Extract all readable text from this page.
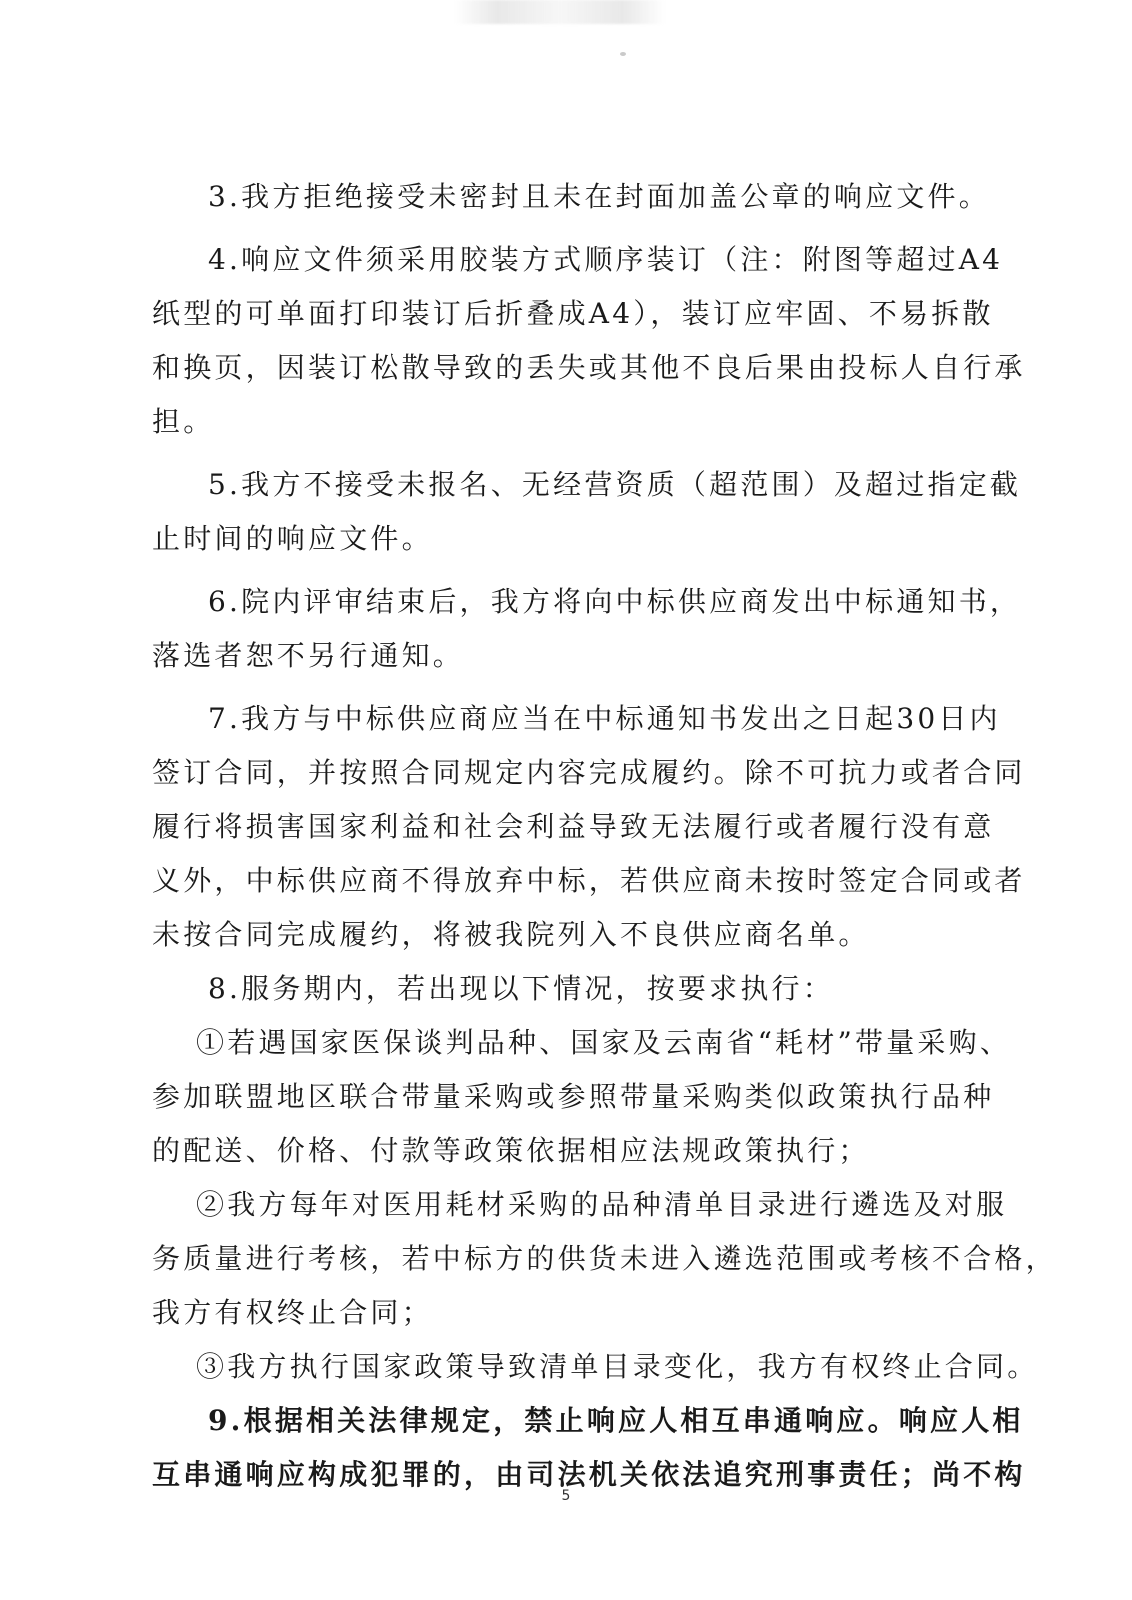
3.我方拒绝接受未密封且未在封面加盖公章的响应文件。
4.响应文件须采用胶装方式顺序装订（注：附图等超过A4
纸型的可单面打印装订后折叠成A4），装订应牢固、不易拆散
和换页，因装订松散导致的丢失或其他不良后果由投标人自行承
担。
5.我方不接受未报名、无经营资质（超范围）及超过指定截
止时间的响应文件。
6.院内评审结束后，我方将向中标供应商发出中标通知书，
落选者恕不另行通知。
7.我方与中标供应商应当在中标通知书发出之日起30日内
签订合同，并按照合同规定内容完成履约。除不可抗力或者合同
履行将损害国家利益和社会利益导致无法履行或者履行没有意
义外，中标供应商不得放弃中标，若供应商未按时签定合同或者
未按合同完成履约，将被我院列入不良供应商名单。
8.服务期内，若出现以下情况，按要求执行：
①若遇国家医保谈判品种、国家及云南省“耗材”带量采购、
参加联盟地区联合带量采购或参照带量采购类似政策执行品种
的配送、价格、付款等政策依据相应法规政策执行；
②我方每年对医用耗材采购的品种清单目录进行遴选及对服
务质量进行考核，若中标方的供货未进入遴选范围或考核不合格，
我方有权终止合同；
③我方执行国家政策导致清单目录变化，我方有权终止合同。
9.根据相关法律规定，禁止响应人相互串通响应。响应人相
互串通响应构成犯罪的，由司法机关依法追究刑事责任；尚不构
5
